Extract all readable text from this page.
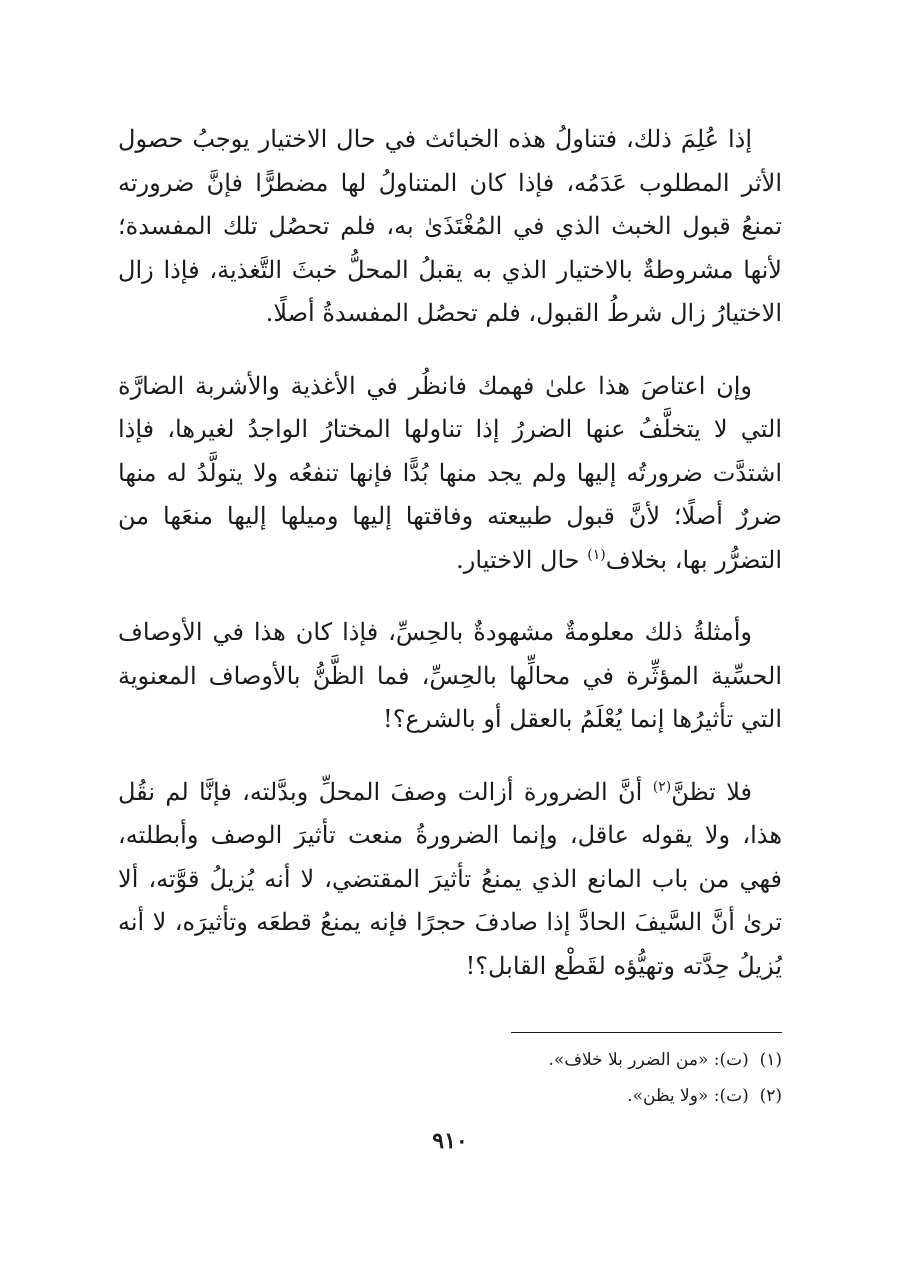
إذا عُلِمَ ذلك، فتناولُ هذه الخبائث في حال الاختيار يوجبُ حصول الأثر المطلوب عَدَمُه، فإذا كان المتناولُ لها مضطرًّا فإنَّ ضرورته تمنعُ قبول الخبث الذي في المُغْتَذَىٰ به، فلم تحصُل تلك المفسدة؛ لأنها مشروطةٌ بالاختيار الذي به يقبلُ المحلُّ خبثَ التَّغذية، فإذا زال الاختيارُ زال شرطُ القبول، فلم تحصُل المفسدةُ أصلًا.

وإن اعتاصَ هذا علىٰ فهمك فانظُر في الأغذية والأشربة الضارَّة التي لا يتخلَّفُ عنها الضررُ إذا تناولها المختارُ الواجدُ لغيرها، فإذا اشتدَّت ضرورتُه إليها ولم يجد منها بُدًّا فإنها تنفعُه ولا يتولَّدُ له منها ضررٌ أصلًا؛ لأنَّ قبول طبيعته وفاقتها إليها وميلها إليها منعَها من التضرُّر بها، بخلاف$^{(١)}$ حال الاختيار.

وأمثلةُ ذلك معلومةٌ مشهودةٌ بالحِسِّ، فإذا كان هذا في الأوصاف الحسِّية المؤثِّرة في محالِّها بالحِسِّ، فما الظَّنُّ بالأوصاف المعنوية التي تأثيرُها إنما يُعْلَمُ بالعقل أو بالشرع؟!

فلا تظنَّ$^{(٢)}$ أنَّ الضرورة أزالت وصفَ المحلِّ وبدَّلته، فإنَّا لم نقُل هذا، ولا يقوله عاقل، وإنما الضرورةُ منعت تأثيرَ الوصف وأبطلته، فهي من باب المانع الذي يمنعُ تأثيرَ المقتضي، لا أنه يُزيلُ قوَّته، ألا ترىٰ أنَّ السَّيفَ الحادَّ إذا صادفَ حجرًا فإنه يمنعُ قطعَه وتأثيرَه، لا أنه يُزيلُ حِدَّته وتهيُّؤه لقَطْع القابل؟!

(١)  (ت): «من الضرر بلا خلاف».

(٢)  (ت): «ولا يظن».

٩١٠
